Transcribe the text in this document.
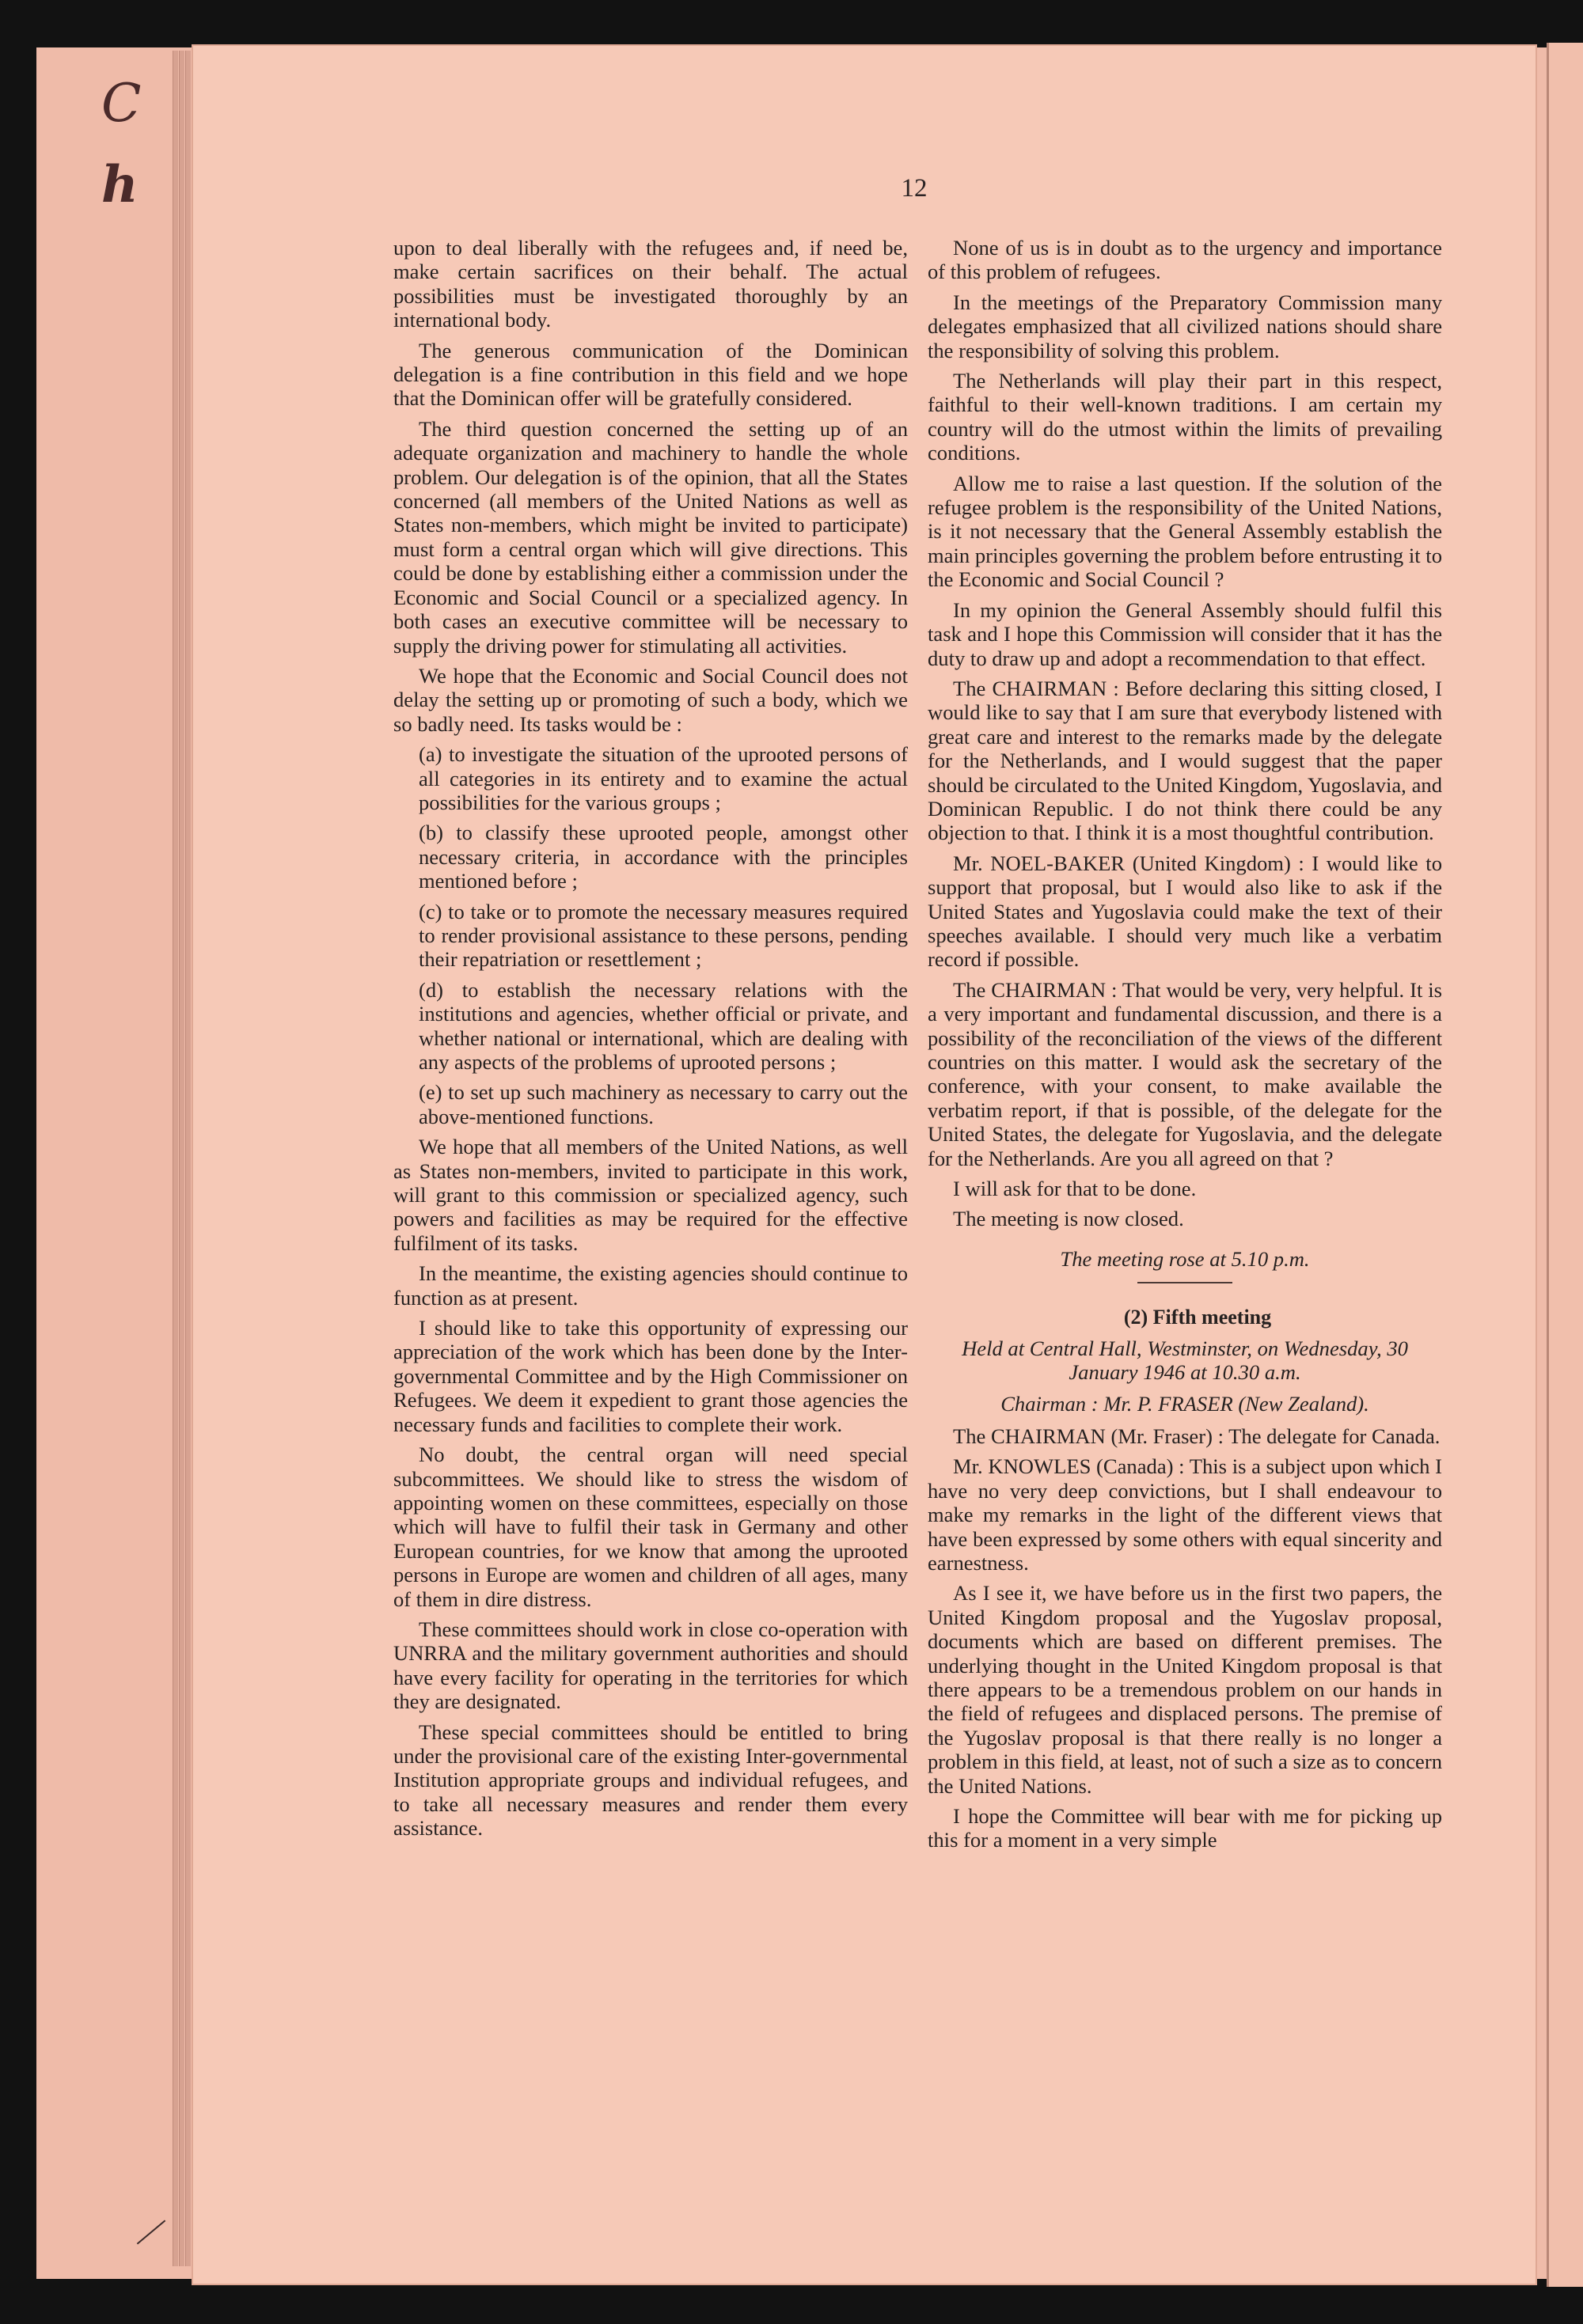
C
h	12

upon to deal liberally with the refugees and, if need be, make certain sacrifices on their behalf. The actual possibilities must be investigated thoroughly by an international body.

The generous communication of the Dominican delegation is a fine contribution in this field and we hope that the Dominican offer will be gratefully considered.

The third question concerned the setting up of an adequate organization and machinery to handle the whole problem. Our delegation is of the opinion, that all the States concerned (all members of the United Nations as well as States non-members, which might be invited to participate) must form a central organ which will give directions. This could be done by establishing either a commission under the Economic and Social Council or a specialized agency. In both cases an executive committee will be necessary to supply the driving power for stimulating all activities.

We hope that the Economic and Social Council does not delay the setting up or promoting of such a body, which we so badly need. Its tasks would be :

(a) to investigate the situation of the uprooted persons of all categories in its entirety and to examine the actual possibilities for the various groups ;

(b) to classify these uprooted people, amongst other necessary criteria, in accordance with the principles mentioned before ;

(c) to take or to promote the necessary measures required to render provisional assistance to these persons, pending their repatriation or resettlement ;

(d) to establish the necessary relations with the institutions and agencies, whether official or private, and whether national or international, which are dealing with any aspects of the problems of uprooted persons ;

(e) to set up such machinery as necessary to carry out the above-mentioned functions.

We hope that all members of the United Nations, as well as States non-members, invited to participate in this work, will grant to this commission or specialized agency, such powers and facilities as may be required for the effective fulfilment of its tasks.

In the meantime, the existing agencies should continue to function as at present.

I should like to take this opportunity of expressing our appreciation of the work which has been done by the Inter-governmental Committee and by the High Commissioner on Refugees. We deem it expedient to grant those agencies the necessary funds and facilities to complete their work.

No doubt, the central organ will need special subcommittees. We should like to stress the wisdom of appointing women on these committees, especially on those which will have to fulfil their task in Germany and other European countries, for we know that among the uprooted persons in Europe are women and children of all ages, many of them in dire distress.

These committees should work in close co-operation with UNRRA and the military government authorities and should have every facility for operating in the territories for which they are designated.

These special committees should be entitled to bring under the provisional care of the existing Inter-governmental Institution appropriate groups and individual refugees, and to take all necessary measures and render them every assistance.

None of us is in doubt as to the urgency and importance of this problem of refugees.

In the meetings of the Preparatory Commission many delegates emphasized that all civilized nations should share the responsibility of solving this problem.

The Netherlands will play their part in this respect, faithful to their well-known traditions. I am certain my country will do the utmost within the limits of prevailing conditions.

Allow me to raise a last question. If the solution of the refugee problem is the responsibility of the United Nations, is it not necessary that the General Assembly establish the main principles governing the problem before entrusting it to the Economic and Social Council ?

In my opinion the General Assembly should fulfil this task and I hope this Commission will consider that it has the duty to draw up and adopt a recommendation to that effect.

The CHAIRMAN : Before declaring this sitting closed, I would like to say that I am sure that everybody listened with great care and interest to the remarks made by the delegate for the Netherlands, and I would suggest that the paper should be circulated to the United Kingdom, Yugoslavia, and Dominican Republic. I do not think there could be any objection to that. I think it is a most thoughtful contribution.

Mr. NOEL-BAKER (United Kingdom) : I would like to support that proposal, but I would also like to ask if the United States and Yugoslavia could make the text of their speeches available. I should very much like a verbatim record if possible.

The CHAIRMAN : That would be very, very helpful. It is a very important and fundamental discussion, and there is a possibility of the reconciliation of the views of the different countries on this matter. I would ask the secretary of the conference, with your consent, to make available the verbatim report, if that is possible, of the delegate for the United States, the delegate for Yugoslavia, and the delegate for the Netherlands. Are you all agreed on that ?

I will ask for that to be done.

The meeting is now closed.

The meeting rose at 5.10 p.m.

(2) Fifth meeting

Held at Central Hall, Westminster, on Wednesday, 30 January 1946 at 10.30 a.m.

Chairman : Mr. P. FRASER (New Zealand).

The CHAIRMAN (Mr. Fraser) : The delegate for Canada.

Mr. KNOWLES (Canada) : This is a subject upon which I have no very deep convictions, but I shall endeavour to make my remarks in the light of the different views that have been expressed by some others with equal sincerity and earnestness.

As I see it, we have before us in the first two papers, the United Kingdom proposal and the Yugoslav proposal, documents which are based on different premises. The underlying thought in the United Kingdom proposal is that there appears to be a tremendous problem on our hands in the field of refugees and displaced persons. The premise of the Yugoslav proposal is that there really is no longer a problem in this field, at least, not of such a size as to concern the United Nations.

I hope the Committee will bear with me for picking up this for a moment in a very simple
